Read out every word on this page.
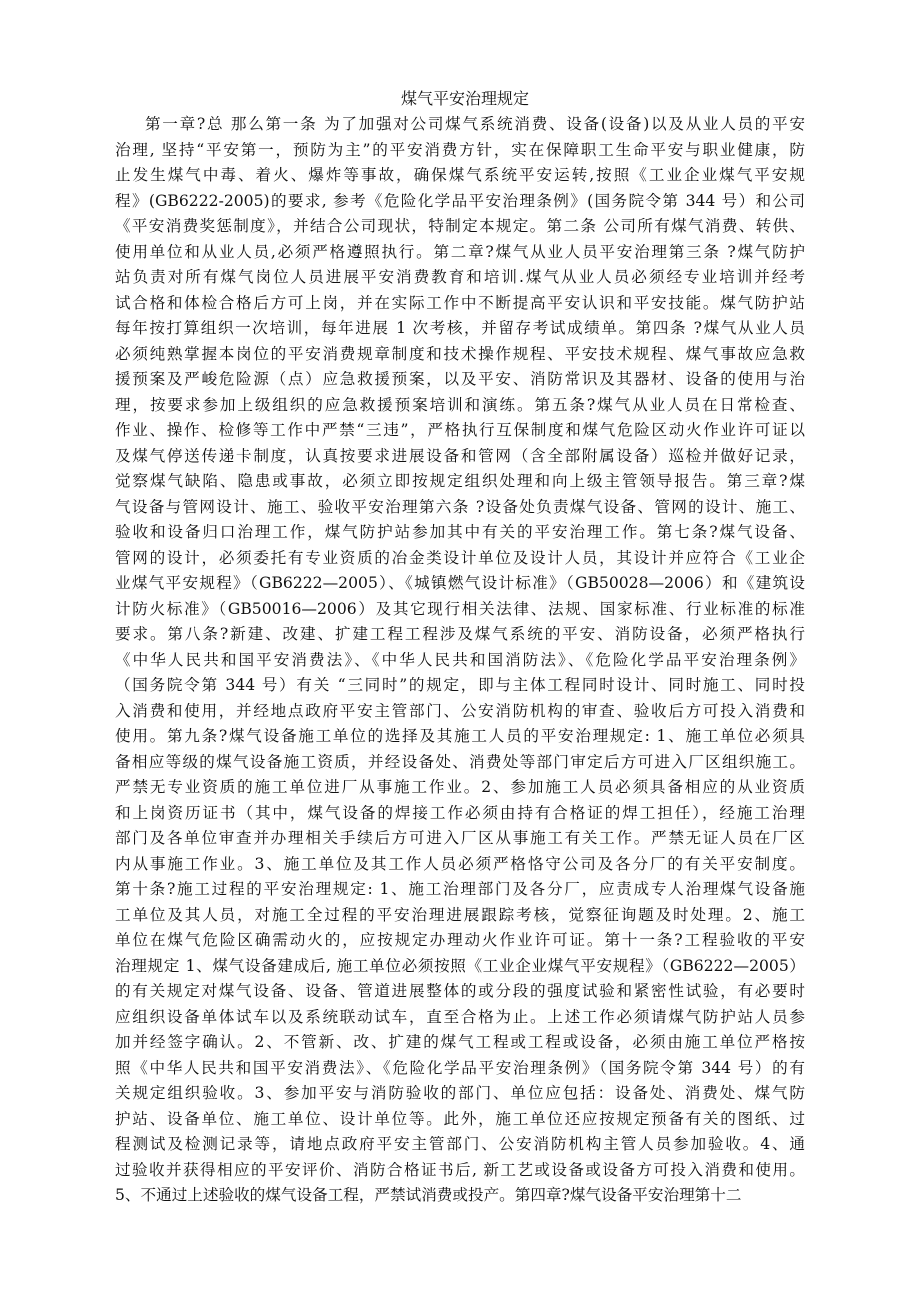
煤气平安治理规定
第一章?总 那么第一条 为了加强对公司煤气系统消费、设备(设备)以及从业人员的平安
治理, 坚持“平安第一，预防为主”的平安消费方针，实在保障职工生命平安与职业健康，防
止发生煤气中毒、着火、爆炸等事故，确保煤气系统平安运转,按照《工业企业煤气平安规
程》(GB6222-2005)的要求, 参考《危险化学品平安治理条例》(国务院令第 344 号）和公司
《平安消费奖惩制度》，并结合公司现状，特制定本规定。第二条 公司所有煤气消费、转供、
使用单位和从业人员,必须严格遵照执行。第二章?煤气从业人员平安治理第三条 ?煤气防护
站负责对所有煤气岗位人员进展平安消费教育和培训.煤气从业人员必须经专业培训并经考
试合格和体检合格后方可上岗，并在实际工作中不断提高平安认识和平安技能。煤气防护站
每年按打算组织一次培训，每年进展 1 次考核，并留存考试成绩单。第四条 ?煤气从业人员
必须纯熟掌握本岗位的平安消费规章制度和技术操作规程、平安技术规程、煤气事故应急救
援预案及严峻危险源（点）应急救援预案，以及平安、消防常识及其器材、设备的使用与治
理，按要求参加上级组织的应急救援预案培训和演练。第五条?煤气从业人员在日常检查、
作业、操作、检修等工作中严禁“三违”，严格执行互保制度和煤气危险区动火作业许可证以
及煤气停送传递卡制度，认真按要求进展设备和管网（含全部附属设备）巡检并做好记录，
觉察煤气缺陷、隐患或事故，必须立即按规定组织处理和向上级主管领导报告。第三章?煤
气设备与管网设计、施工、验收平安治理第六条 ?设备处负责煤气设备、管网的设计、施工、
验收和设备归口治理工作，煤气防护站参加其中有关的平安治理工作。第七条?煤气设备、
管网的设计，必须委托有专业资质的冶金类设计单位及设计人员，其设计并应符合《工业企
业煤气平安规程》（GB6222—2005）、《城镇燃气设计标准》（GB50028—2006）和《建筑设
计防火标准》（GB50016—2006）及其它现行相关法律、法规、国家标准、行业标准的标准
要求。第八条?新建、改建、扩建工程工程涉及煤气系统的平安、消防设备，必须严格执行
《中华人民共和国平安消费法》、《中华人民共和国消防法》、《危险化学品平安治理条例》
（国务院令第 344 号）有关 “三同时”的规定，即与主体工程同时设计、同时施工、同时投
入消费和使用，并经地点政府平安主管部门、公安消防机构的审查、验收后方可投入消费和
使用。第九条?煤气设备施工单位的选择及其施工人员的平安治理规定: 1、施工单位必须具
备相应等级的煤气设备施工资质，并经设备处、消费处等部门审定后方可进入厂区组织施工。
严禁无专业资质的施工单位进厂从事施工作业。2、参加施工人员必须具备相应的从业资质
和上岗资历证书（其中，煤气设备的焊接工作必须由持有合格证的焊工担任），经施工治理
部门及各单位审查并办理相关手续后方可进入厂区从事施工有关工作。严禁无证人员在厂区
内从事施工作业。3、施工单位及其工作人员必须严格恪守公司及各分厂的有关平安制度。
第十条?施工过程的平安治理规定: 1、施工治理部门及各分厂，应责成专人治理煤气设备施
工单位及其人员，对施工全过程的平安治理进展跟踪考核，觉察征询题及时处理。2、施工
单位在煤气危险区确需动火的，应按规定办理动火作业许可证。第十一条?工程验收的平安
治理规定 1、煤气设备建成后, 施工单位必须按照《工业企业煤气平安规程》（GB6222—2005）
的有关规定对煤气设备、设备、管道进展整体的或分段的强度试验和紧密性试验，有必要时
应组织设备单体试车以及系统联动试车，直至合格为止。上述工作必须请煤气防护站人员参
加并经签字确认。2、不管新、改、扩建的煤气工程或工程或设备，必须由施工单位严格按
照《中华人民共和国平安消费法》、《危险化学品平安治理条例》（国务院令第 344 号）的有
关规定组织验收。3、参加平安与消防验收的部门、单位应包括：设备处、消费处、煤气防
护站、设备单位、施工单位、设计单位等。此外，施工单位还应按规定预备有关的图纸、过
程测试及检测记录等，请地点政府平安主管部门、公安消防机构主管人员参加验收。4、通
过验收并获得相应的平安评价、消防合格证书后, 新工艺或设备或设备方可投入消费和使用。
5、不通过上述验收的煤气设备工程，严禁试消费或投产。第四章?煤气设备平安治理第十二
